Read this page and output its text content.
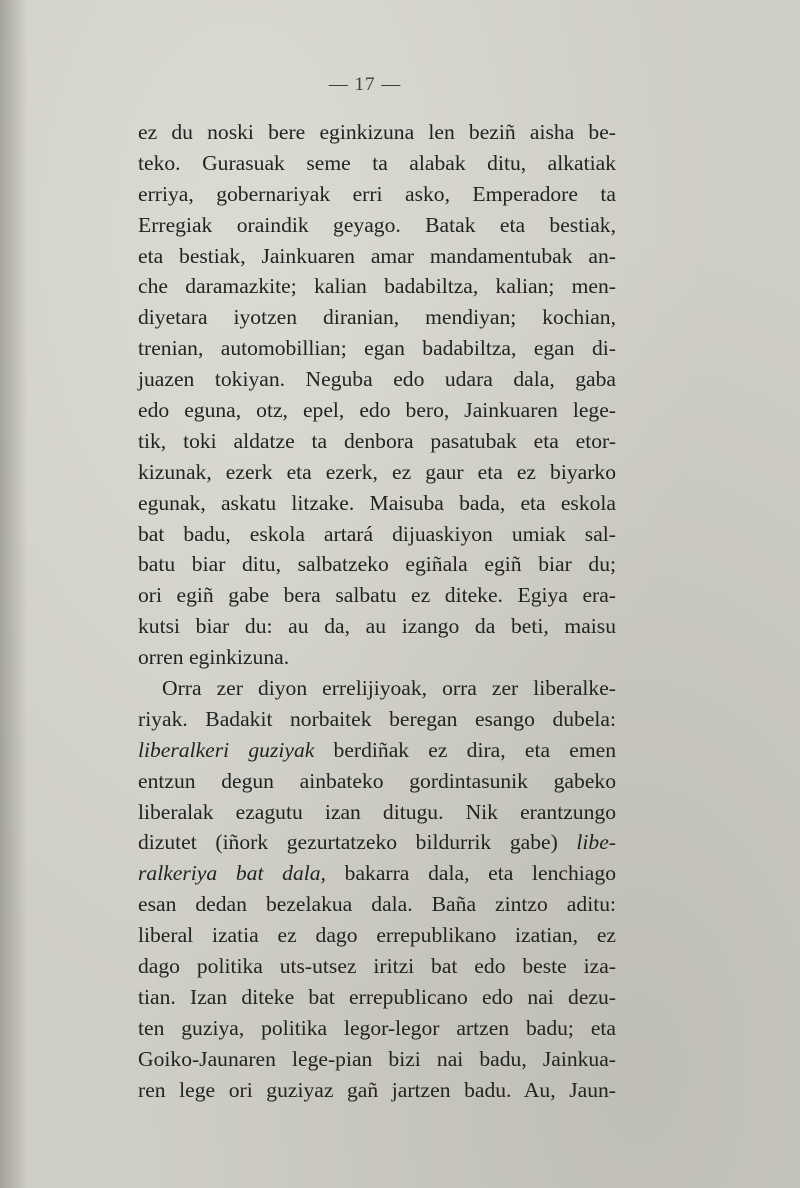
— 17 —
ez du noski bere eginkizuna len beziñ aisha be-
teko. Gurasuak seme ta alabak ditu, alkatiak
erriya, gobernariyak erri asko, Emperadore ta
Erregiak oraindik geyago. Batak eta bestiak,
eta bestiak, Jainkuaren amar mandamentubak an-
che daramazkite; kalian badabiltza, kalian; men-
diyetara iyotzen diranian, mendiyan; kochian,
trenian, automobillian; egan badabiltza, egan di-
juazen tokiyan. Neguba edo udara dala, gaba
edo eguna, otz, epel, edo bero, Jainkuaren lege-
tik, toki aldatze ta denbora pasatubak eta etor-
kizunak, ezerk eta ezerk, ez gaur eta ez biyarko
egunak, askatu litzake. Maisuba bada, eta eskola
bat badu, eskola artará dijuaskiyon umiak sal-
batu biar ditu, salbatzeko egiñala egiñ biar du;
ori egiñ gabe bera salbatu ez diteke. Egiya era-
kutsi biar du: au da, au izango da beti, maisu
orren eginkizuna.
Orra zer diyon errelijiyoak, orra zer liberalke-
riyak. Badakit norbaitek beregan esango dubela:
liberalkeri guziyak berdiñak ez dira, eta emen
entzun degun ainbateko gordintasunik gabeko
liberalak ezagutu izan ditugu. Nik erantzungo
dizutet (iñork gezurtatzeko bildurrik gabe) libe-
ralkeriya bat dala, bakarra dala, eta lenchiago
esan dedan bezelakua dala. Baña zintzo aditu:
liberal izatia ez dago errepublikano izatian, ez
dago politika uts-utsez iritzi bat edo beste iza-
tian. Izan diteke bat errepublicano edo nai dezu-
ten guziya, politika legor-legor artzen badu; eta
Goiko-Jaunaren lege-pian bizi nai badu, Jainkua-
ren lege ori guziyaz gañ jartzen badu. Au, Jaun-
